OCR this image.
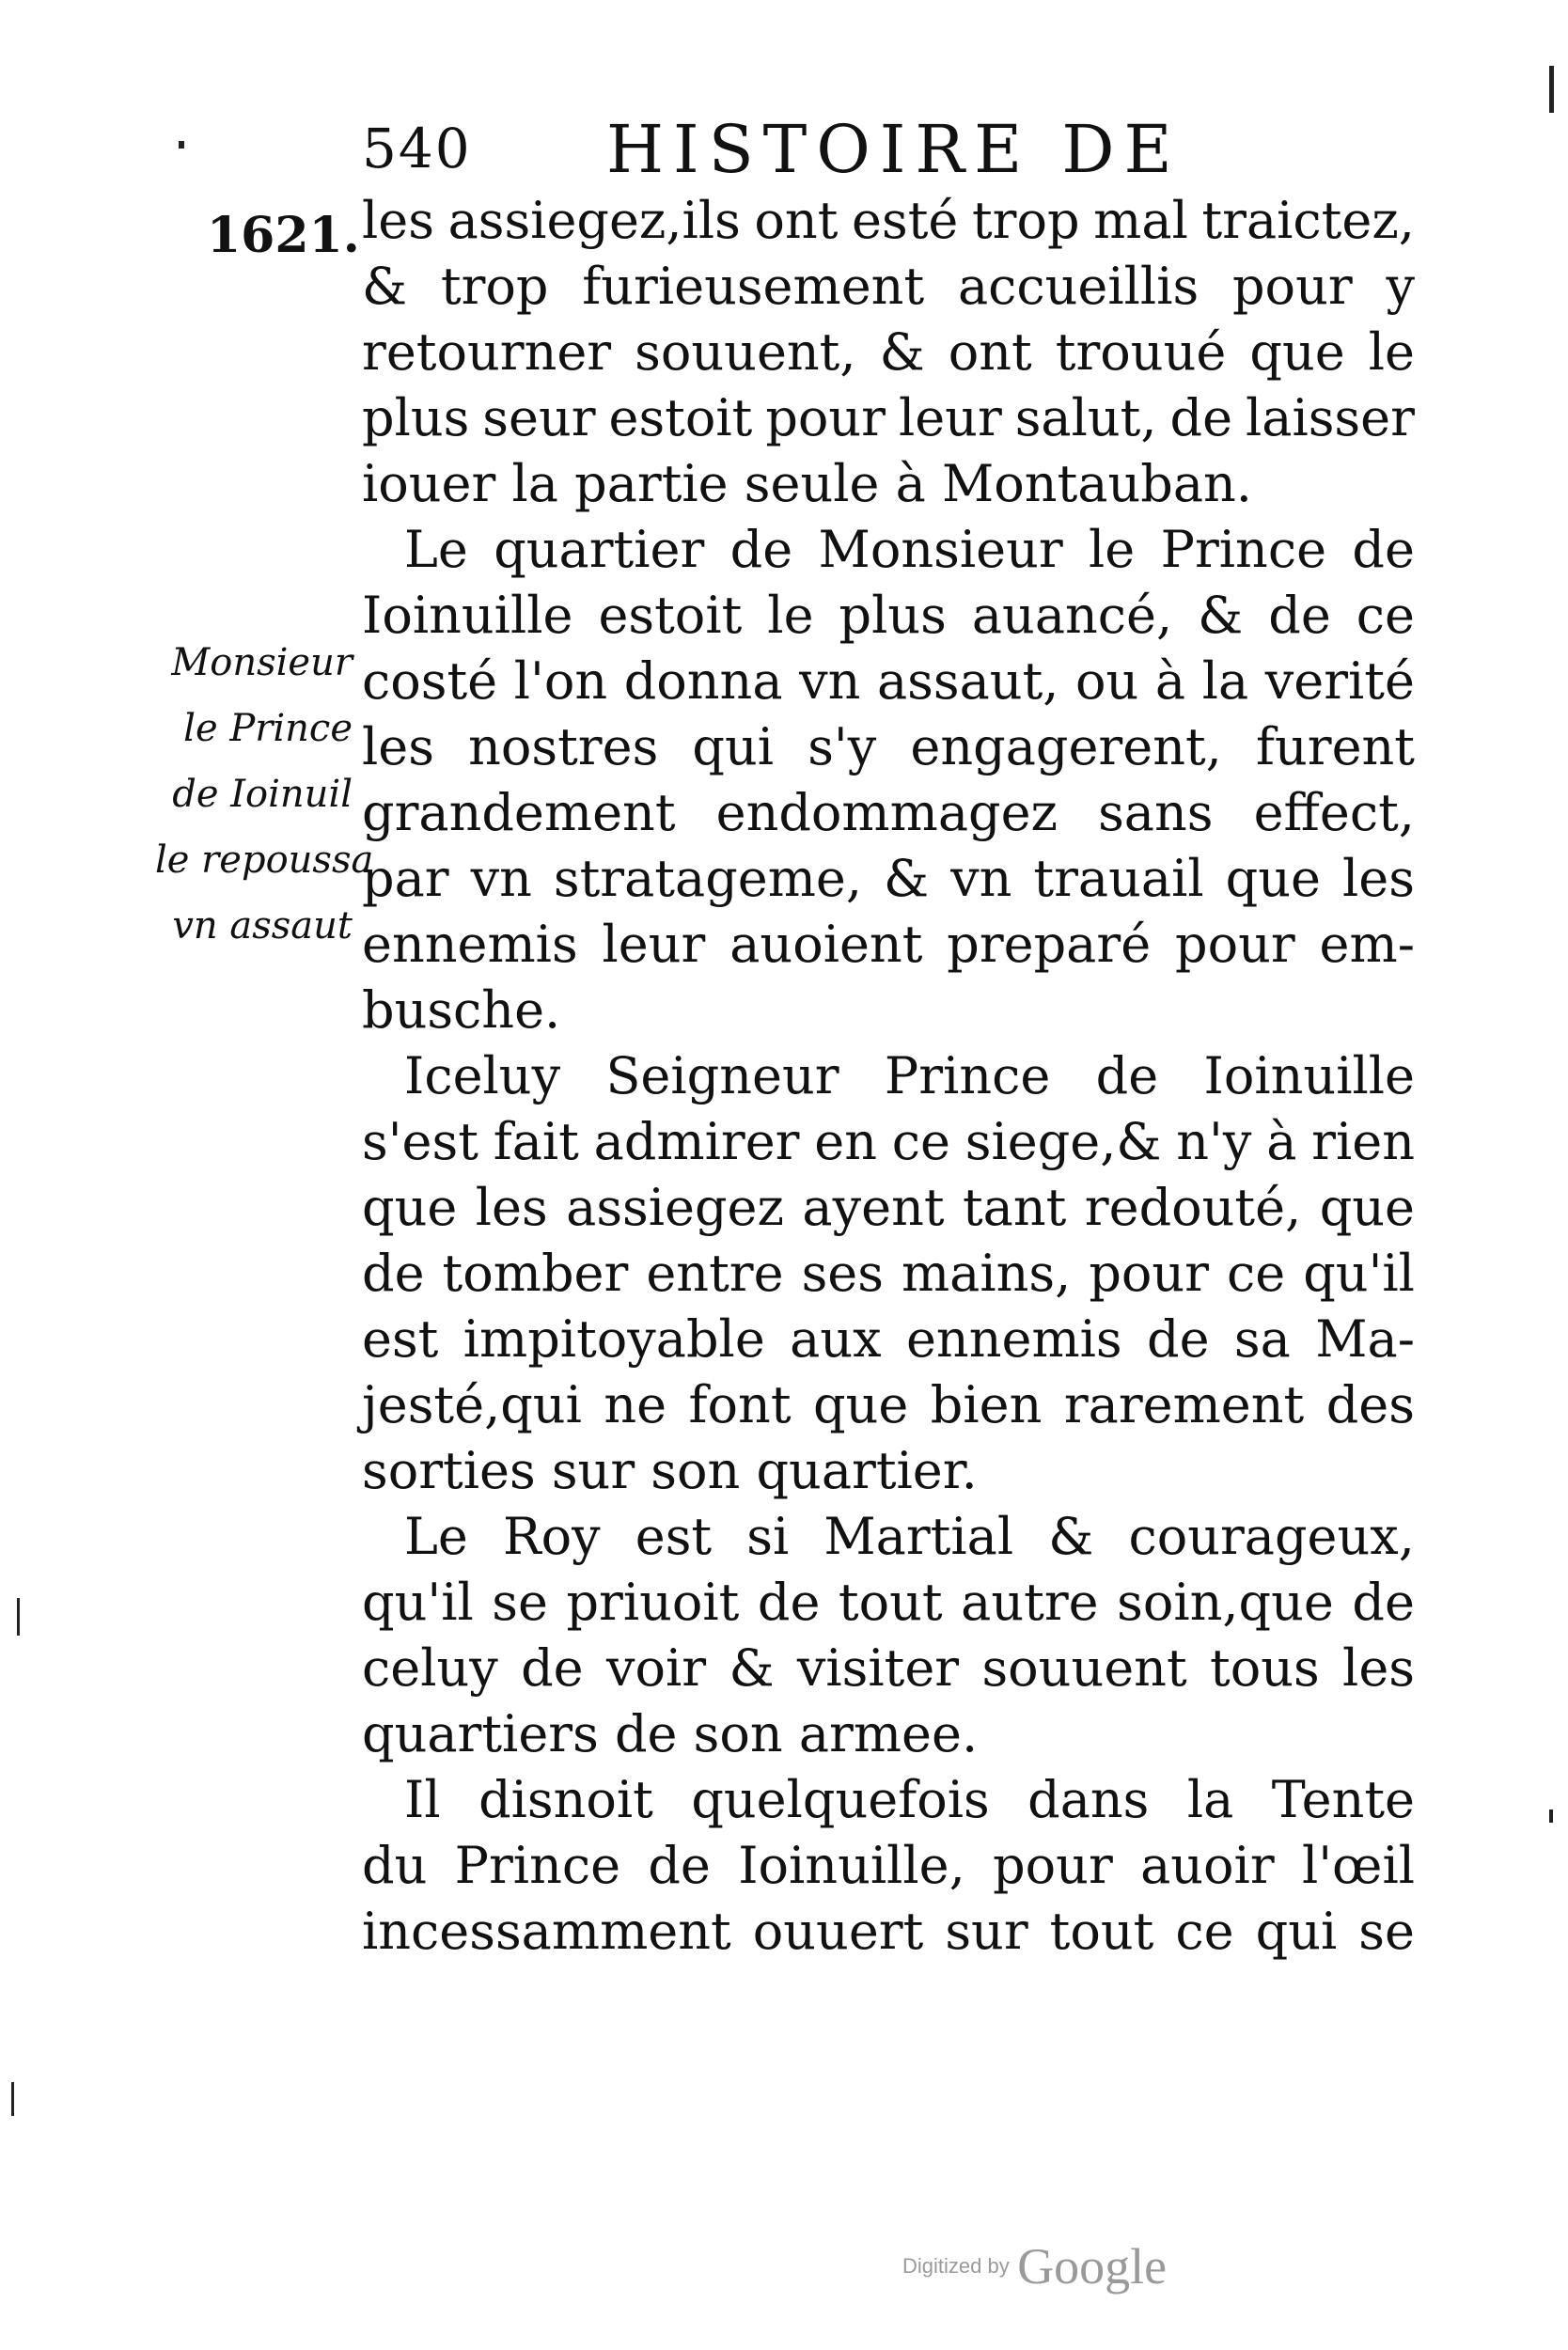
540 HISTOIRE DE
1621.
Monsieur
le Prince
de Ioinuil
le repoussa
vn assaut
les assiegez,ils ont esté trop mal traictez,
& trop furieusement accueillis pour y
retourner souuent, & ont trouué que le
plus seur estoit pour leur salut, de laisser
iouer la partie seule à Montauban.
Le quartier de Monsieur le Prince de
Ioinuille estoit le plus auancé, & de ce
costé l'on donna vn assaut, ou à la verité
les nostres qui s'y engagerent, furent
grandement endommagez sans effect,
par vn stratageme, & vn trauail que les
ennemis leur auoient preparé pour em-
busche.
Iceluy Seigneur Prince de Ioinuille
s'est fait admirer en ce siege,& n'y à rien
que les assiegez ayent tant redouté, que
de tomber entre ses mains, pour ce qu'il
est impitoyable aux ennemis de sa Ma-
jesté,qui ne font que bien rarement des
sorties sur son quartier.
Le Roy est si Martial & courageux,
qu'il se priuoit de tout autre soin,que de
celuy de voir & visiter souuent tous les
quartiers de son armee.
Il disnoit quelquefois dans la Tente
du Prince de Ioinuille, pour auoir l'œil
incessamment ouuert sur tout ce qui se
Digitized by Google
